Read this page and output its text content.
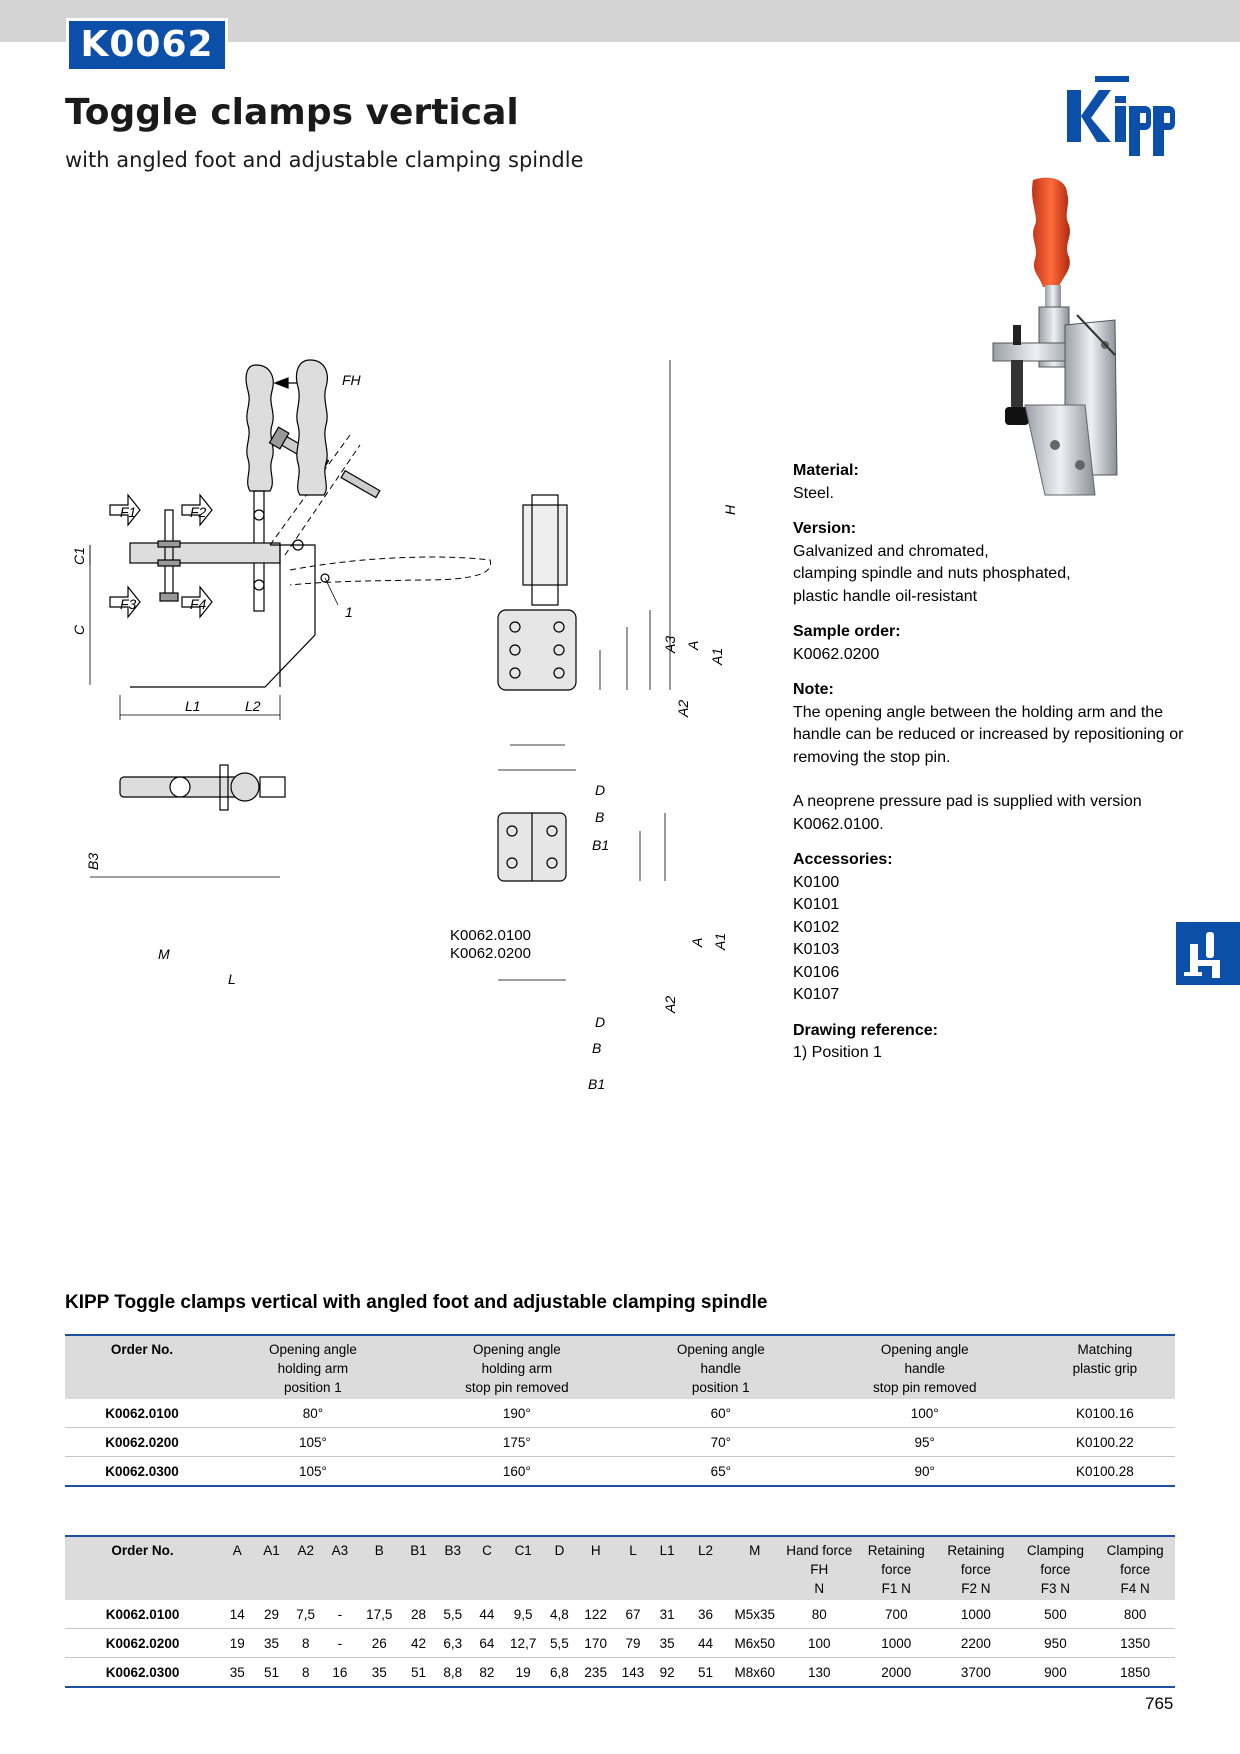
K0062
Toggle clamps vertical
with angled foot and adjustable clamping spindle
FH
F1	F2
F3	F4
C1
C
L1	L2
1
H
A1
A
A3
A2
D
B
B1
B3
M
L
A1
A
A2
D
B
B1
K0062.0100
K0062.0200
Material:
Steel.
Version:
Galvanized and chromated,
clamping spindle and nuts phosphated,
plastic handle oil-resistant
Sample order:
K0062.0200
Note:
The opening angle between the holding arm and the
handle can be reduced or increased by repositioning or
removing the stop pin.
A neoprene pressure pad is supplied with version
K0062.0100.
Accessories:
K0100
K0101
K0102
K0103
K0106
K0107
Drawing reference:
1) Position 1
KIPP Toggle clamps vertical with angled foot and adjustable clamping spindle
Order No.	Opening angle
holding arm
position 1	Opening angle
holding arm
stop pin removed	Opening angle
handle
position 1	Opening angle
handle
stop pin removed	Matching
plastic grip
K0062.0100	80°	190°	60°	100°	K0100.16
K0062.0200	105°	175°	70°	95°	K0100.22
K0062.0300	105°	160°	65°	90°	K0100.28
Order No.	A	A1	A2	A3	B	B1	B3	C	C1	D	H	L	L1	L2	M	Hand force
FH
N	Retaining
force
F1 N	Retaining
force
F2 N	Clamping
force
F3 N	Clamping
force
F4 N
K0062.0100	14	29	7,5	-	17,5	28	5,5	44	9,5	4,8	122	67	31	36	M5x35	80	700	1000	500	800
K0062.0200	19	35	8	-	26	42	6,3	64	12,7	5,5	170	79	35	44	M6x50	100	1000	2200	950	1350
K0062.0300	35	51	8	16	35	51	8,8	82	19	6,8	235	143	92	51	M8x60	130	2000	3700	900	1850
765
